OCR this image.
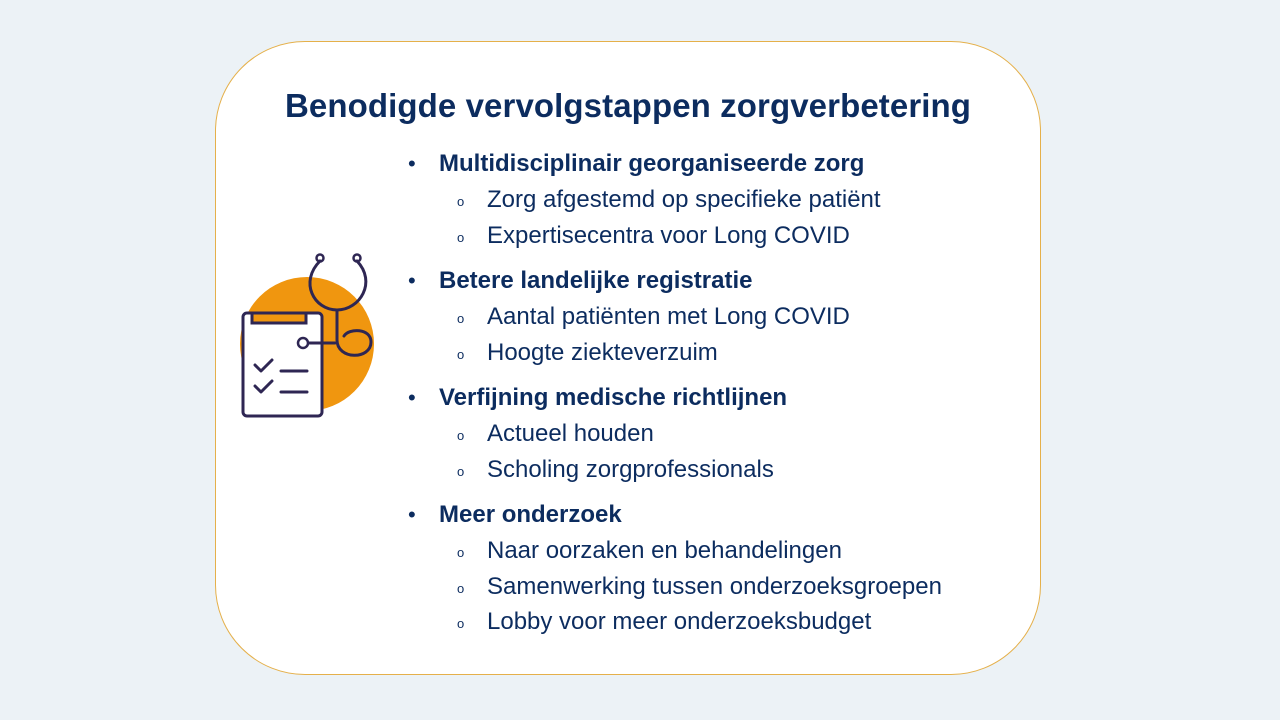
Benodigde vervolgstappen zorgverbetering
• Multidisciplinair georganiseerde zorg
o Zorg afgestemd op specifieke patiënt
o Expertisecentra voor Long COVID
• Betere landelijke registratie
o Aantal patiënten met Long COVID
o Hoogte ziekteverzuim
• Verfijning medische richtlijnen
o Actueel houden
o Scholing zorgprofessionals
• Meer onderzoek
o Naar oorzaken en behandelingen
o Samenwerking tussen onderzoeksgroepen
o Lobby voor meer onderzoeksbudget
